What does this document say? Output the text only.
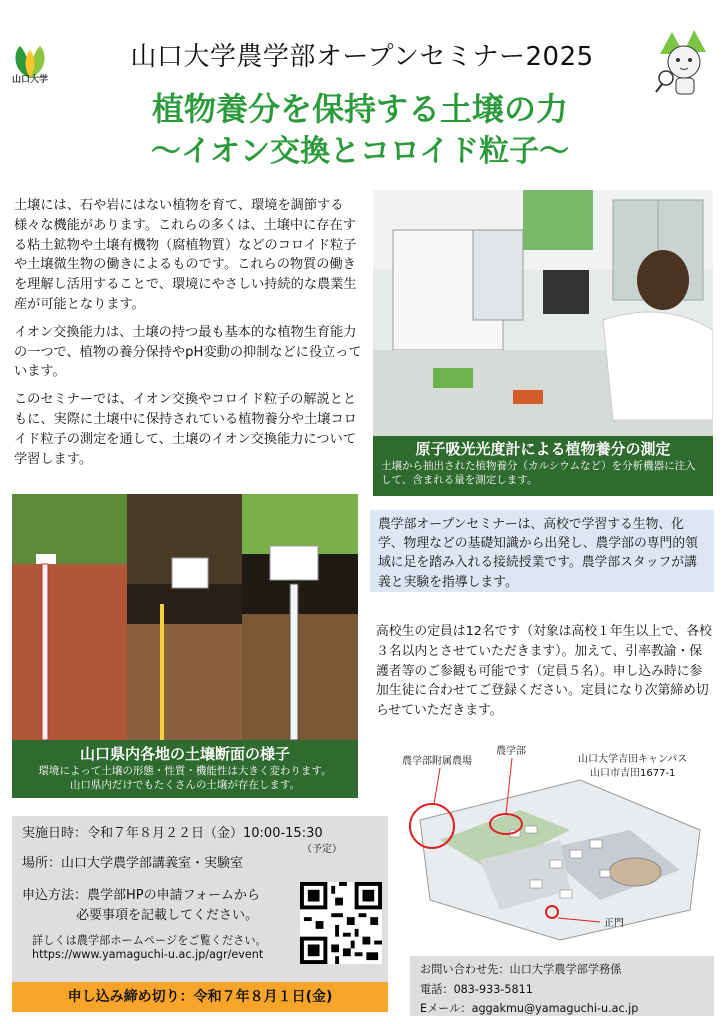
山口大学
山口大学農学部オープンセミナー2025
植物養分を保持する土壌の力
〜イオン交換とコロイド粒子〜

土壌には、石や岩にはない植物を育て、環境を調節する様々な機能があります。これらの多くは、土壌中に存在する粘土鉱物や土壌有機物（腐植物質）などのコロイド粒子や土壌微生物の働きによるものです。これらの物質の働きを理解し活用することで、環境にやさしい持続的な農業生産が可能となります。

イオン交換能力は、土壌の持つ最も基本的な植物生育能力の一つで、植物の養分保持やpH変動の抑制などに役立っています。

このセミナーでは、イオン交換やコロイド粒子の解説とともに、実際に土壌中に保持されている植物養分や土壌コロイド粒子の測定を通して、土壌のイオン交換能力について学習します。

原子吸光光度計による植物養分の測定
土壌から抽出された植物養分（カルシウムなど）を分析機器に注入して、含まれる量を測定します。
山口県内各地の土壌断面の様子
環境によって土壌の形態・性質・機能性は大きく変わります。
山口県内だけでもたくさんの土壌が存在します。
農学部オープンセミナーは、高校で学習する生物、化学、物理などの基礎知識から出発し、農学部の専門的領域に足を踏み入れる接続授業です。農学部スタッフが講義と実験を指導します。
高校生の定員は12名です（対象は高校１年生以上で、各校３名以内とさせていただきます）。加えて、引率教諭・保護者等のご参観も可能です（定員５名）。申し込み時に参加生徒に合わせてご登録ください。定員になり次第締め切らせていただきます。
農学部附属農場
農学部
山口大学吉田キャンパス
山口市吉田1677-1
正門
実施日時：令和７年８月２２日（金）10:00-15:30
（予定）
場所：山口大学農学部講義室・実験室
申込方法：農学部HPの申請フォームから
必要事項を記載してください。
詳しくは農学部ホームページをご覧ください。
https://www.yamaguchi-u.ac.jp/agr/event
申し込み締め切り：令和７年８月１日(金)
お問い合わせ先：山口大学農学部学務係
電話：083-933-5811
Eメール：aggakmu@yamaguchi-u.ac.jp
